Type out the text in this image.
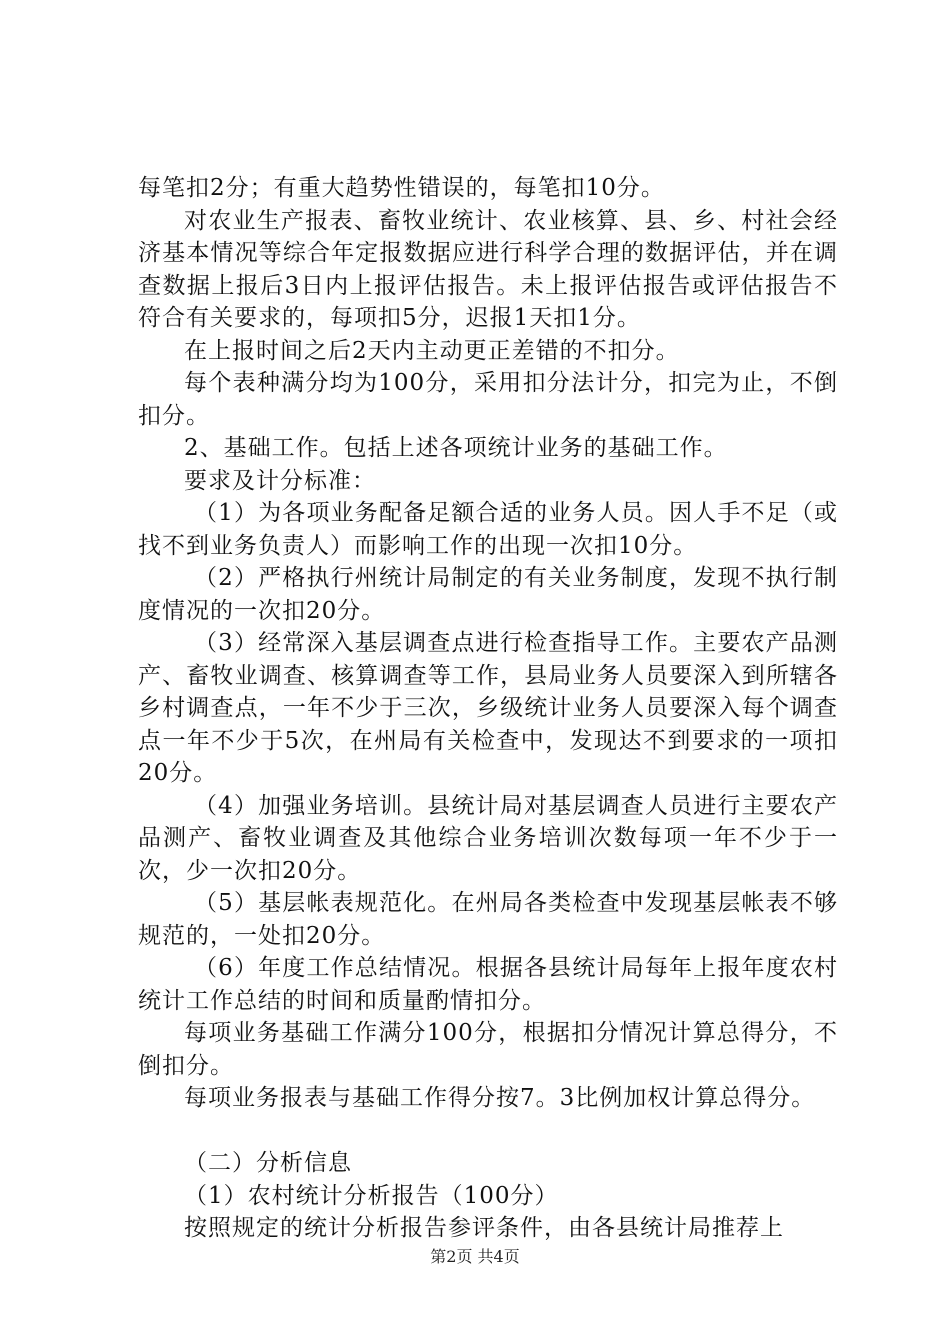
每笔扣2分；有重大趋势性错误的，每笔扣10分。

对农业生产报表、畜牧业统计、农业核算、县、乡、村社会经济基本情况等综合年定报数据应进行科学合理的数据评估，并在调查数据上报后3日内上报评估报告。未上报评估报告或评估报告不符合有关要求的，每项扣5分，迟报1天扣1分。

在上报时间之后2天内主动更正差错的不扣分。

每个表种满分均为100分，采用扣分法计分，扣完为止，不倒扣分。

2、基础工作。包括上述各项统计业务的基础工作。

要求及计分标准：

（1）为各项业务配备足额合适的业务人员。因人手不足（或找不到业务负责人）而影响工作的出现一次扣10分。

（2）严格执行州统计局制定的有关业务制度，发现不执行制度情况的一次扣20分。

（3）经常深入基层调查点进行检查指导工作。主要农产品测产、畜牧业调查、核算调查等工作，县局业务人员要深入到所辖各乡村调查点，一年不少于三次，乡级统计业务人员要深入每个调查点一年不少于5次，在州局有关检查中，发现达不到要求的一项扣20分。

（4）加强业务培训。县统计局对基层调查人员进行主要农产品测产、畜牧业调查及其他综合业务培训次数每项一年不少于一次，少一次扣20分。

（5）基层帐表规范化。在州局各类检查中发现基层帐表不够规范的，一处扣20分。

（6）年度工作总结情况。根据各县统计局每年上报年度农村统计工作总结的时间和质量酌情扣分。

每项业务基础工作满分100分，根据扣分情况计算总得分，不倒扣分。

每项业务报表与基础工作得分按7。3比例加权计算总得分。

（二）分析信息

（1）农村统计分析报告（100分）

按照规定的统计分析报告参评条件，由各县统计局推荐上

第2页 共4页
